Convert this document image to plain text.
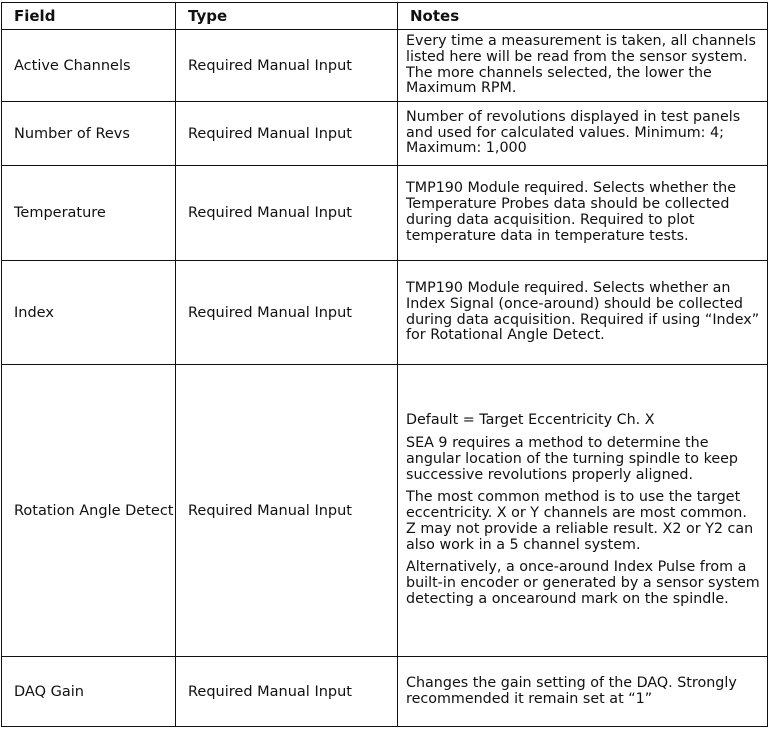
Field	Type	Notes
Active Channels	Required Manual Input	Every time a measurement is taken, all channels listed here will be read from the sensor system. The more channels selected, the lower the Maximum RPM.

Number of Revs	Required Manual Input	Number of revolutions displayed in test panels and used for calculated values. Minimum: 4; Maximum: 1,000

Temperature	Required Manual Input	TMP190 Module required. Selects whether the Temperature Probes data should be collected during data acquisition. Required to plot temperature data in temperature tests.

Index	Required Manual Input	TMP190 Module required. Selects whether an Index Signal (once-around) should be collected during data acquisition. Required if using “Index” for Rotational Angle Detect.

Rotation Angle Detect	Required Manual Input	Default = Target Eccentricity Ch. X

SEA 9 requires a method to determine the angular location of the turning spindle to keep successive revolutions properly aligned.

The most common method is to use the target eccentricity. X or Y channels are most common. Z may not provide a reliable result. X2 or Y2 can also work in a 5 channel system.

Alternatively, a once-around Index Pulse from a built-in encoder or generated by a sensor system detecting a oncearound mark on the spindle.

DAQ Gain	Required Manual Input	Changes the gain setting of the DAQ. Strongly recommended it remain set at “1”
